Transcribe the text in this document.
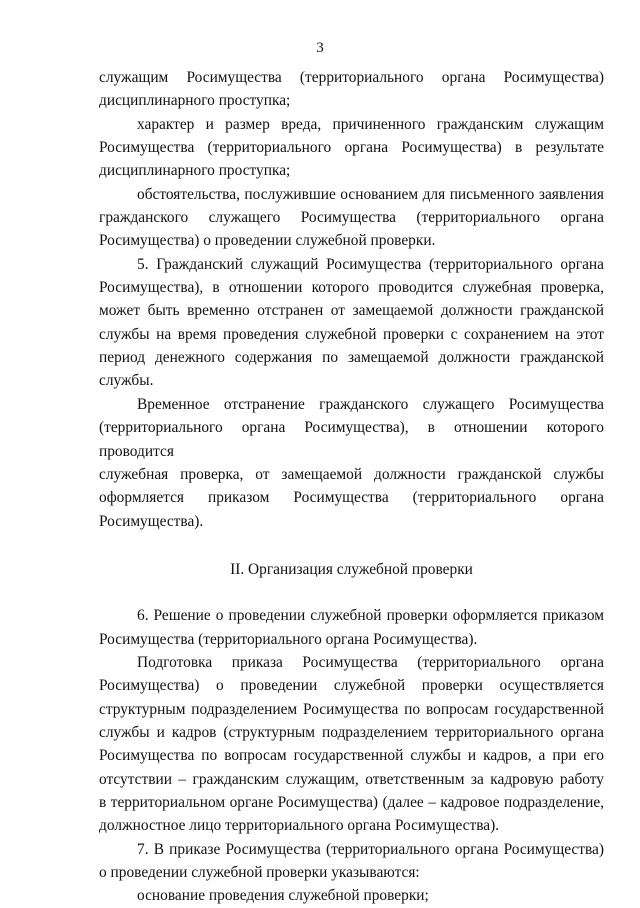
3

служащим Росимущества (территориального органа Росимущества)

дисциплинарного проступка;

характер и размер вреда, причиненного гражданским служащим

Росимущества (территориального органа Росимущества) в результате

дисциплинарного проступка;

обстоятельства, послужившие основанием для письменного заявления

гражданского служащего Росимущества (территориального органа

Росимущества) о проведении служебной проверки.

5. Гражданский служащий Росимущества (территориального органа

Росимущества), в отношении которого проводится служебная проверка,

может быть временно отстранен от замещаемой должности гражданской

службы на время проведения служебной проверки с сохранением на этот

период денежного содержания по замещаемой должности гражданской

службы.

Временное отстранение гражданского служащего Росимущества

(территориального органа Росимущества), в отношении которого проводится

служебная проверка, от замещаемой должности гражданской службы

оформляется приказом Росимущества (территориального органа

Росимущества).

II. Организация служебной проверки

6. Решение о проведении служебной проверки оформляется приказом

Росимущества (территориального органа Росимущества).

Подготовка приказа Росимущества (территориального органа

Росимущества) о проведении служебной проверки осуществляется

структурным подразделением Росимущества по вопросам государственной

службы и кадров (структурным подразделением территориального органа

Росимущества по вопросам государственной службы и кадров, а при его

отсутствии – гражданским служащим, ответственным за кадровую работу

в территориальном органе Росимущества) (далее – кадровое подразделение,

должностное лицо территориального органа Росимущества).

7. В приказе Росимущества (территориального органа Росимущества)

о проведении служебной проверки указываются:

основание проведения служебной проверки;
